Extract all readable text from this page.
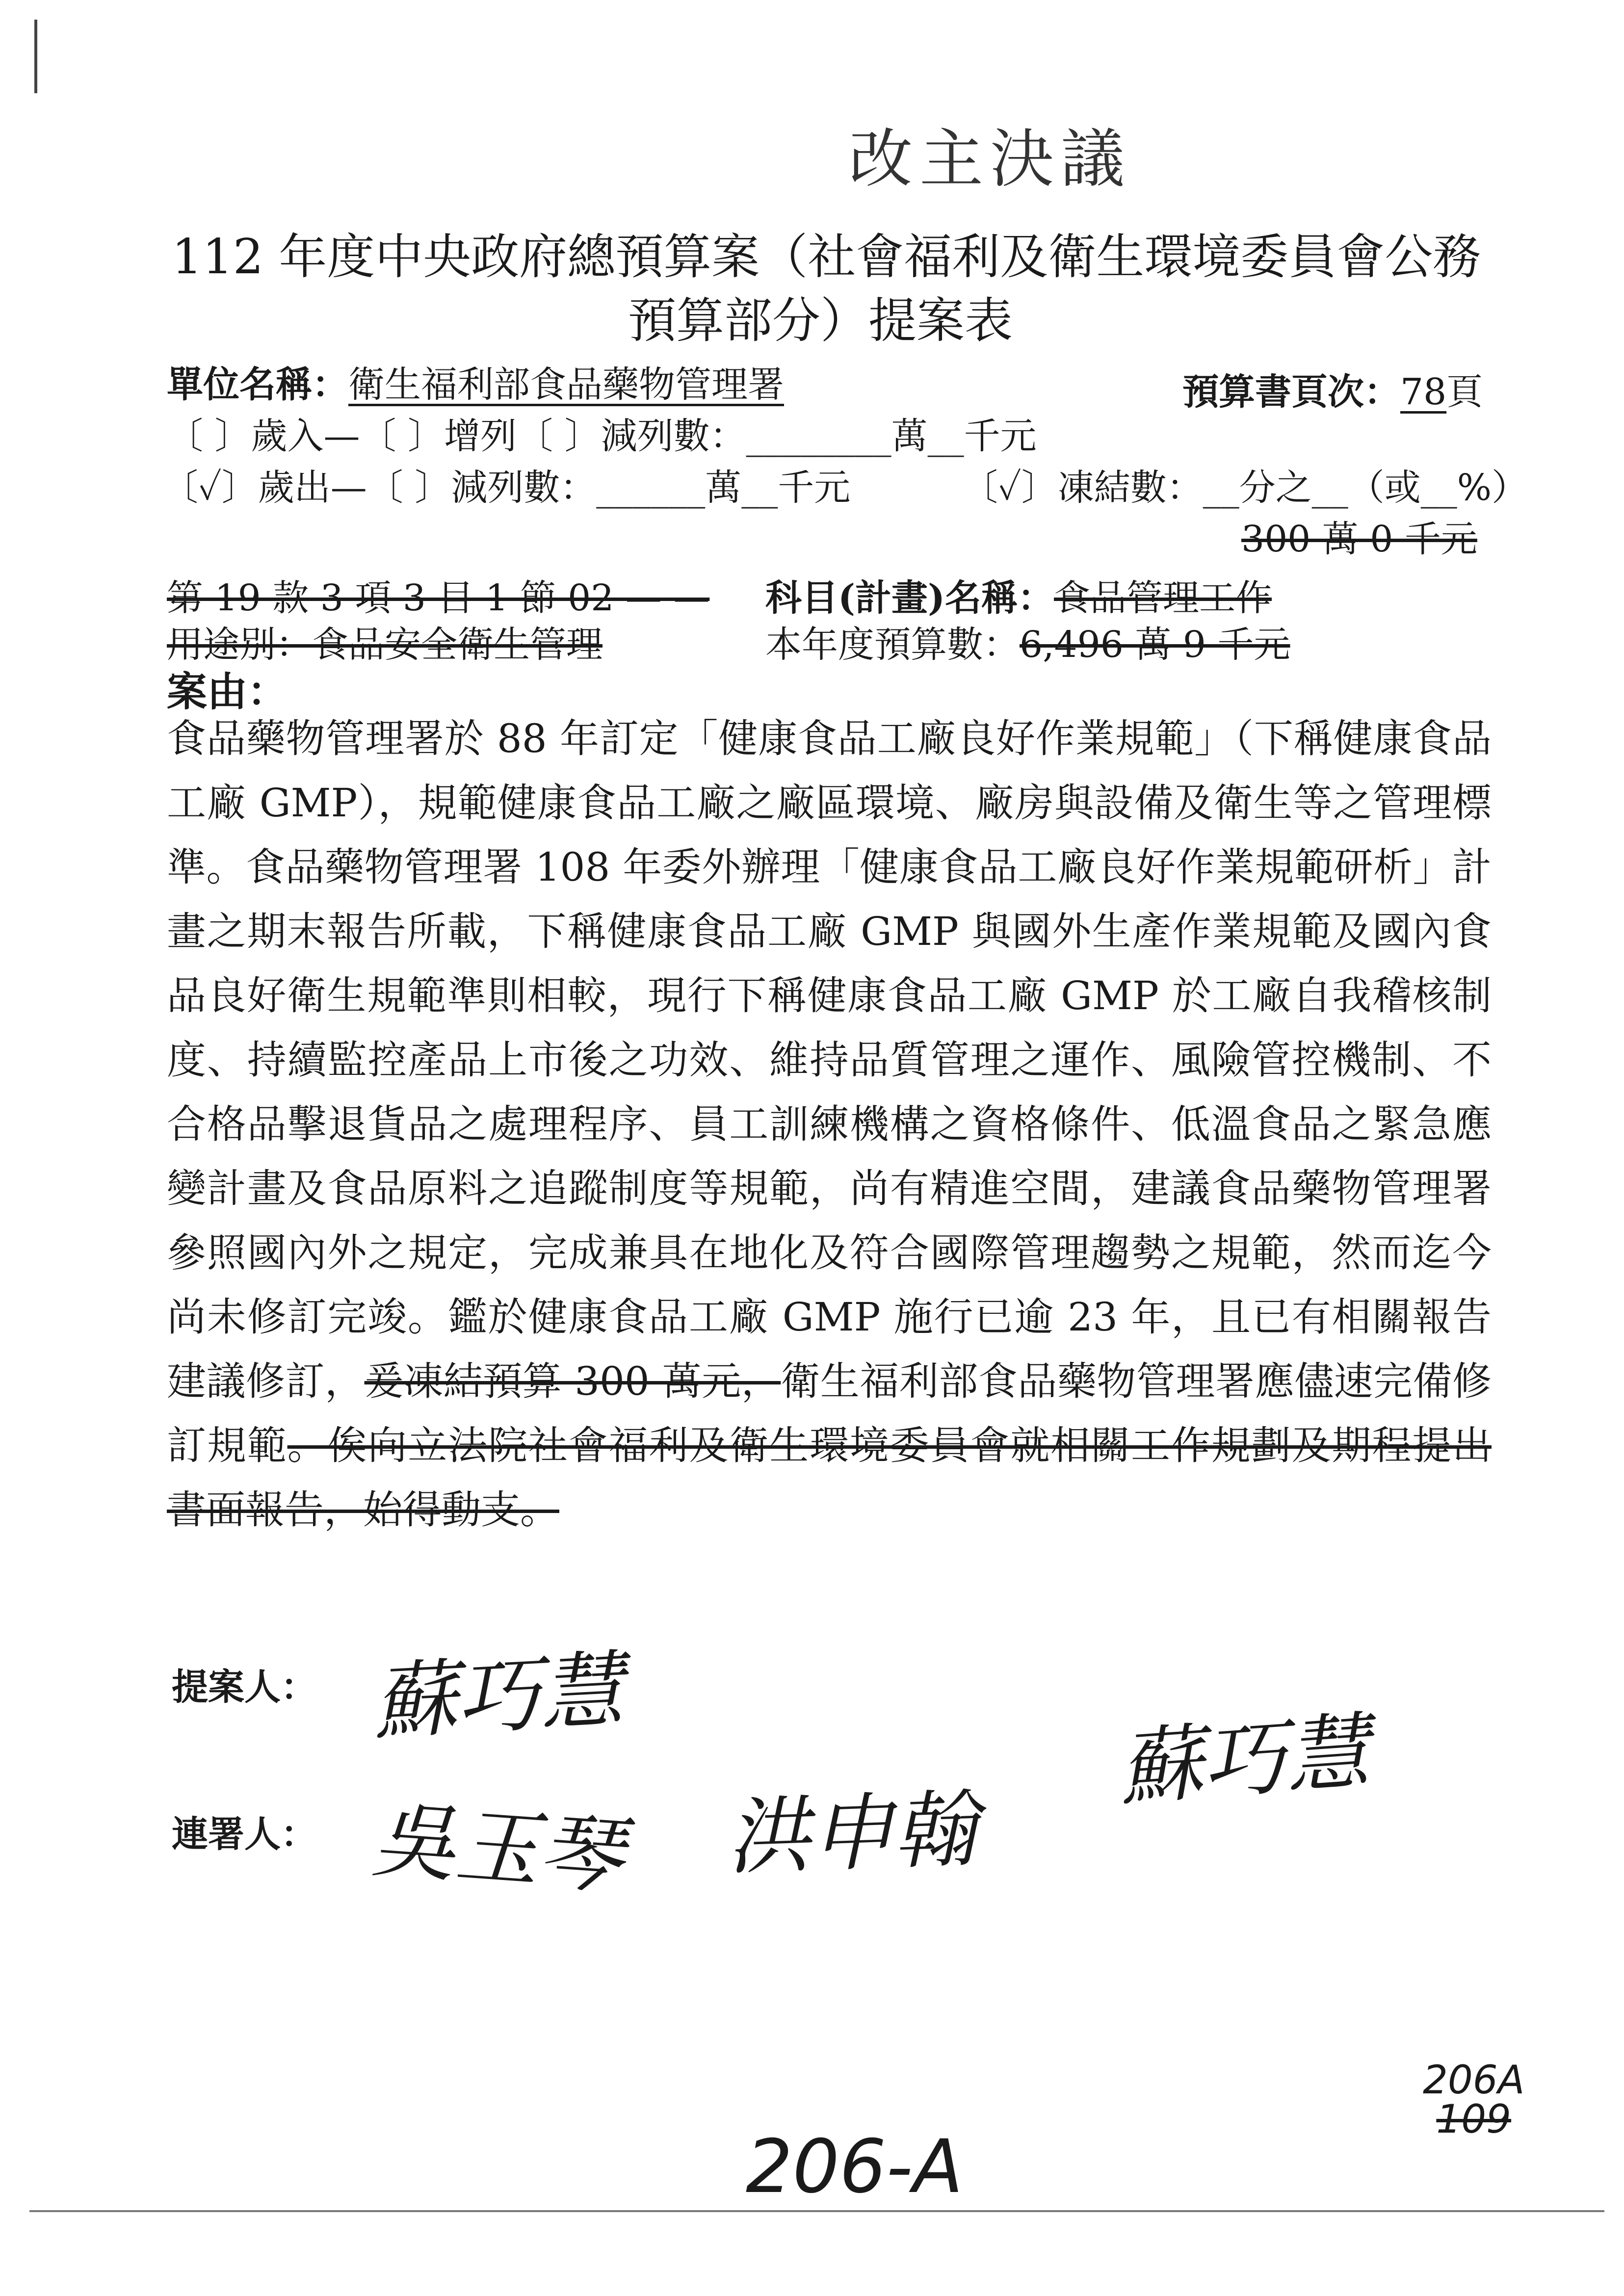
改主決議
112 年度中央政府總預算案（社會福利及衛生環境委員會公務
預算部分）提案表
單位名稱：衛生福利部食品藥物管理署	預算書頁次：78頁
〔 〕歲入—〔 〕增列〔 〕減列數：________萬__千元
〔✓〕歲出—〔 〕減列數：______萬__千元	〔✓〕凍結數：__分之__（或__%）
300 萬 0 千元
第 19 款 3 項 3 目 1 節 02 — — 科目(計畫)名稱：食品管理工作
用途別：食品安全衛生管理	本年度預算數：6,496 萬 9 千元
案由：
食品藥物管理署於 88 年訂定「健康食品工廠良好作業規範」（下稱健康食品工廠 GMP），規範健康食品工廠之廠區環境、廠房與設備及衛生等之管理標準。食品藥物管理署 108 年委外辦理「健康食品工廠良好作業規範研析」計畫之期末報告所載，下稱健康食品工廠 GMP 與國外生產作業規範及國內食品良好衛生規範準則相較，現行下稱健康食品工廠 GMP 於工廠自我稽核制度、持續監控產品上市後之功效、維持品質管理之運作、風險管控機制、不合格品擊退貨品之處理程序、員工訓練機構之資格條件、低溫食品之緊急應變計畫及食品原料之追蹤制度等規範，尚有精進空間，建議食品藥物管理署參照國內外之規定，完成兼具在地化及符合國際管理趨勢之規範，然而迄今尚未修訂完竣。鑑於健康食品工廠 GMP 施行已逾 23 年，且已有相關報告建議修訂，爰凍結預算 300 萬元，衛生福利部食品藥物管理署應儘速完備修訂規範。俟向立法院社會福利及衛生環境委員會就相關工作規劃及期程提出書面報告，始得動支。
提案人： 蘇巧慧
連署人： 吳玉琴 洪申翰
蘇巧慧
206-A
206A
109
